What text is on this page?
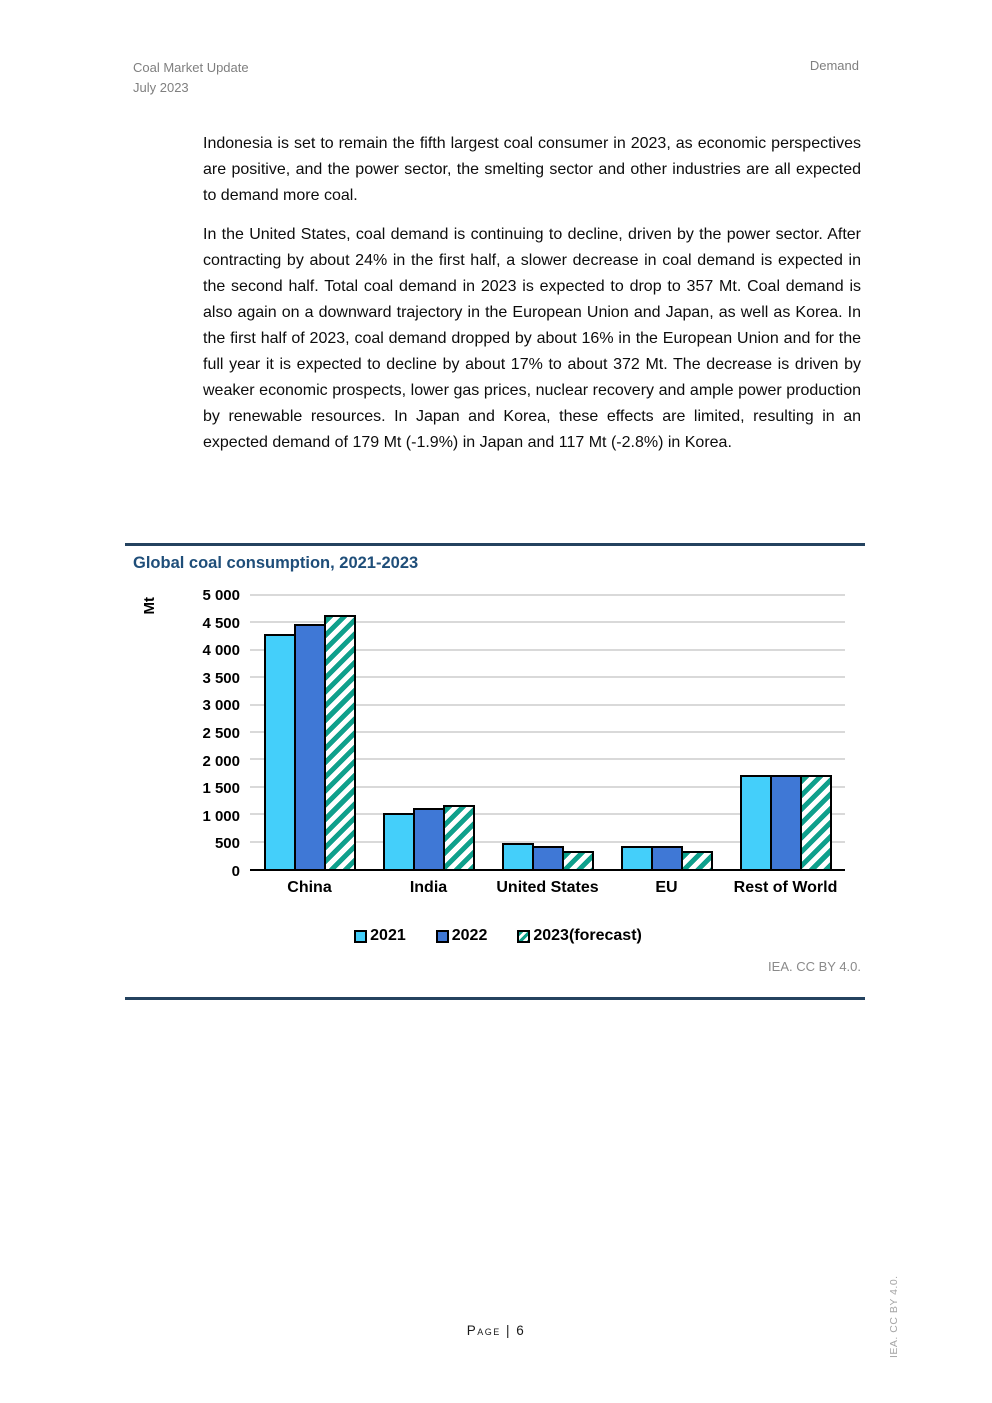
Coal Market Update
July 2023
Demand

Indonesia is set to remain the fifth largest coal consumer in 2023, as economic perspectives are positive, and the power sector, the smelting sector and other industries are all expected to demand more coal.

In the United States, coal demand is continuing to decline, driven by the power sector. After contracting by about 24% in the first half, a slower decrease in coal demand is expected in the second half. Total coal demand in 2023 is expected to drop to 357 Mt. Coal demand is also again on a downward trajectory in the European Union and Japan, as well as Korea. In the first half of 2023, coal demand dropped by about 16% in the European Union and for the full year it is expected to decline by about 17% to about 372 Mt. The decrease is driven by weaker economic prospects, lower gas prices, nuclear recovery and ample power production by renewable resources. In Japan and Korea, these effects are limited, resulting in an expected demand of 179 Mt (-1.9%) in Japan and 117 Mt (-2.8%) in Korea.

Global coal consumption, 2021-2023
Mt
0
500
1 000
1 500
2 000
2 500
3 000
3 500
4 000
4 500
5 000
China	India	United States	EU	Rest of World
2021	2022	2023(forecast)
IEA. CC BY 4.0.
Page | 6	IEA. CC BY 4.0.
